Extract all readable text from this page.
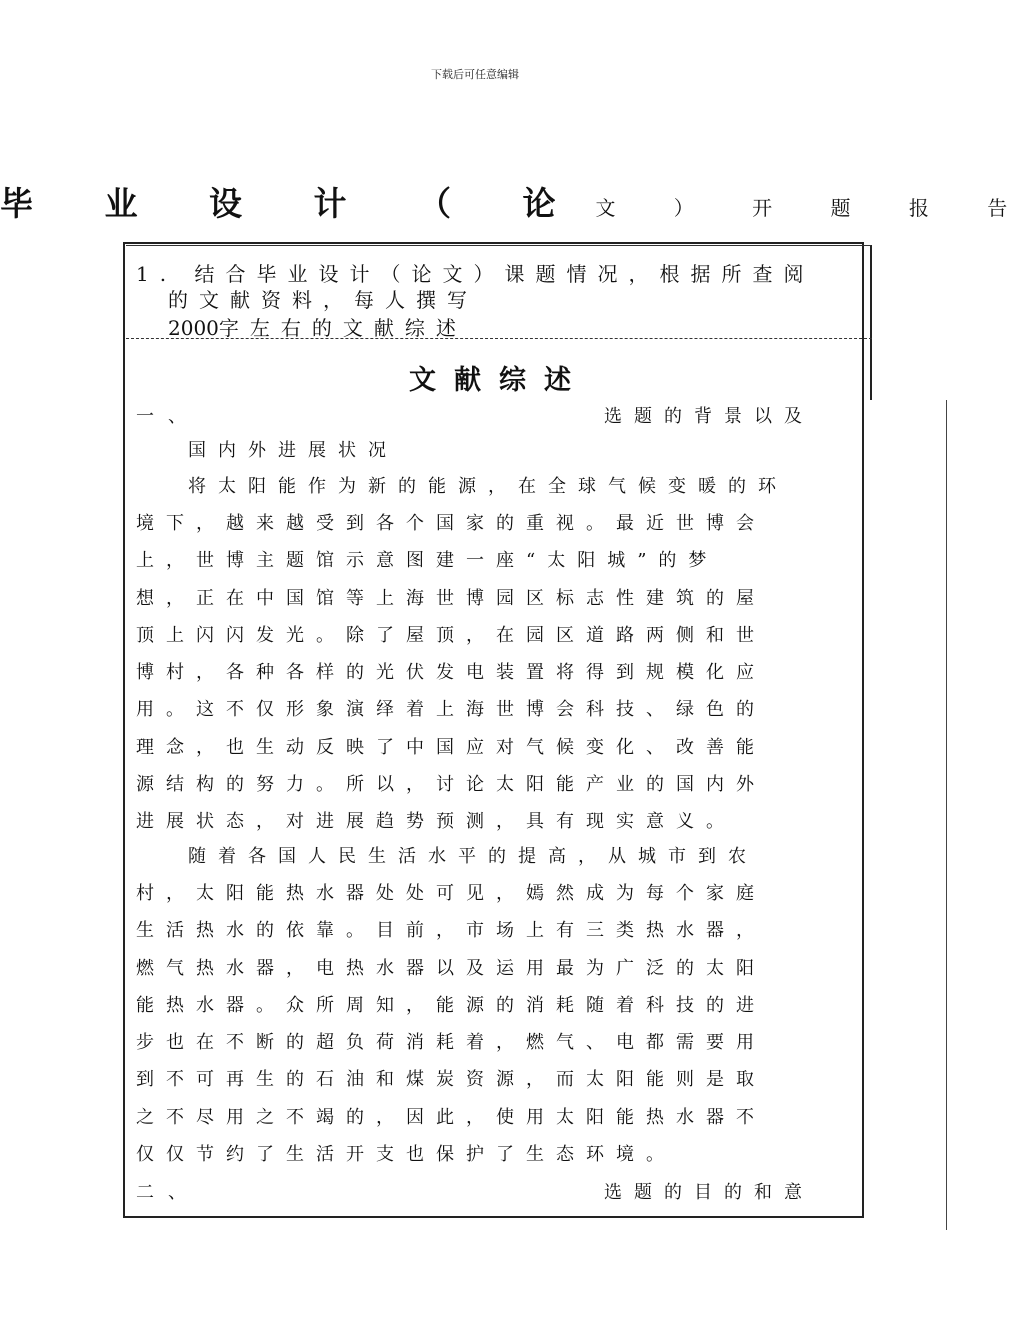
下载后可任意编辑
毕 业 设 计 （ 论 文 ） 开 题 报 告
1. 结合毕业设计（论文）课题情况，根据所查阅
的文献资料，每人撰写
2000字左右的文献综述
文献综述
一、	选题的背景以及
国内外进展状况
将太阳能作为新的能源，在全球气候变暖的环
境下，越来越受到各个国家的重视。最近世博会
上，世博主题馆示意图建一座“太阳城”的梦
想，正在中国馆等上海世博园区标志性建筑的屋
顶上闪闪发光。除了屋顶，在园区道路两侧和世
博村，各种各样的光伏发电装置将得到规模化应
用。这不仅形象演绎着上海世博会科技、绿色的
理念，也生动反映了中国应对气候变化、改善能
源结构的努力。所以，讨论太阳能产业的国内外
进展状态，对进展趋势预测，具有现实意义。
随着各国人民生活水平的提高，从城市到农
村，太阳能热水器处处可见，嫣然成为每个家庭
生活热水的依靠。目前，市场上有三类热水器，
燃气热水器，电热水器以及运用最为广泛的太阳
能热水器。众所周知，能源的消耗随着科技的进
步也在不断的超负荷消耗着，燃气、电都需要用
到不可再生的石油和煤炭资源，而太阳能则是取
之不尽用之不竭的，因此，使用太阳能热水器不
仅仅节约了生活开支也保护了生态环境。
二、	选题的目的和意
